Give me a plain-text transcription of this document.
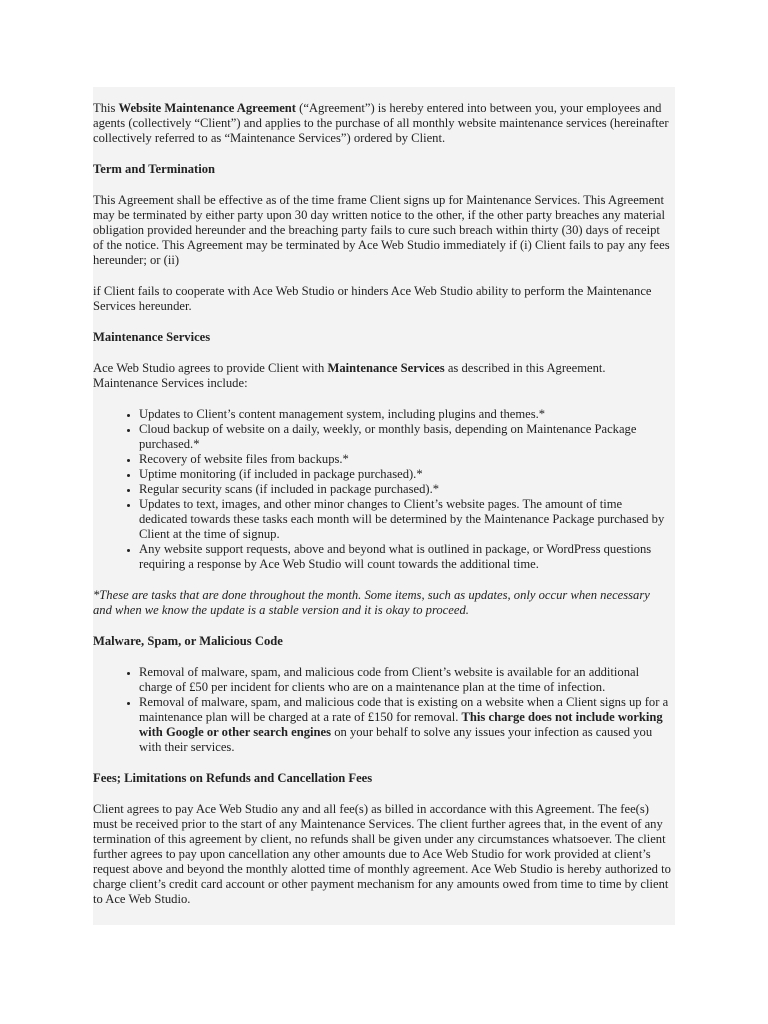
This Website Maintenance Agreement (“Agreement”) is hereby entered into between you, your employees and agents (collectively “Client”) and applies to the purchase of all monthly website maintenance services (hereinafter collectively referred to as “Maintenance Services”) ordered by Client.

Term and Termination

This Agreement shall be effective as of the time frame Client signs up for Maintenance Services. This Agreement may be terminated by either party upon 30 day written notice to the other, if the other party breaches any material obligation provided hereunder and the breaching party fails to cure such breach within thirty (30) days of receipt of the notice. This Agreement may be terminated by Ace Web Studio immediately if (i) Client fails to pay any fees hereunder; or (ii)

if Client fails to cooperate with Ace Web Studio or hinders Ace Web Studio ability to perform the Maintenance Services hereunder.

Maintenance Services

Ace Web Studio agrees to provide Client with Maintenance Services as described in this Agreement. Maintenance Services include:

• Updates to Client’s content management system, including plugins and themes.*
• Cloud backup of website on a daily, weekly, or monthly basis, depending on Maintenance Package purchased.*
• Recovery of website files from backups.*
• Uptime monitoring (if included in package purchased).*
• Regular security scans (if included in package purchased).*
• Updates to text, images, and other minor changes to Client’s website pages. The amount of time dedicated towards these tasks each month will be determined by the Maintenance Package purchased by Client at the time of signup.
• Any website support requests, above and beyond what is outlined in package, or WordPress questions requiring a response by Ace Web Studio will count towards the additional time.

*These are tasks that are done throughout the month. Some items, such as updates, only occur when necessary and when we know the update is a stable version and it is okay to proceed.

Malware, Spam, or Malicious Code

• Removal of malware, spam, and malicious code from Client’s website is available for an additional charge of £50 per incident for clients who are on a maintenance plan at the time of infection.
• Removal of malware, spam, and malicious code that is existing on a website when a Client signs up for a maintenance plan will be charged at a rate of £150 for removal. This charge does not include working with Google or other search engines on your behalf to solve any issues your infection as caused you with their services.

Fees; Limitations on Refunds and Cancellation Fees

Client agrees to pay Ace Web Studio any and all fee(s) as billed in accordance with this Agreement. The fee(s) must be received prior to the start of any Maintenance Services. The client further agrees that, in the event of any termination of this agreement by client, no refunds shall be given under any circumstances whatsoever. The client further agrees to pay upon cancellation any other amounts due to Ace Web Studio for work provided at client’s request above and beyond the monthly alotted time of monthly agreement. Ace Web Studio is hereby authorized to charge client’s credit card account or other payment mechanism for any amounts owed from time to time by client to Ace Web Studio.
